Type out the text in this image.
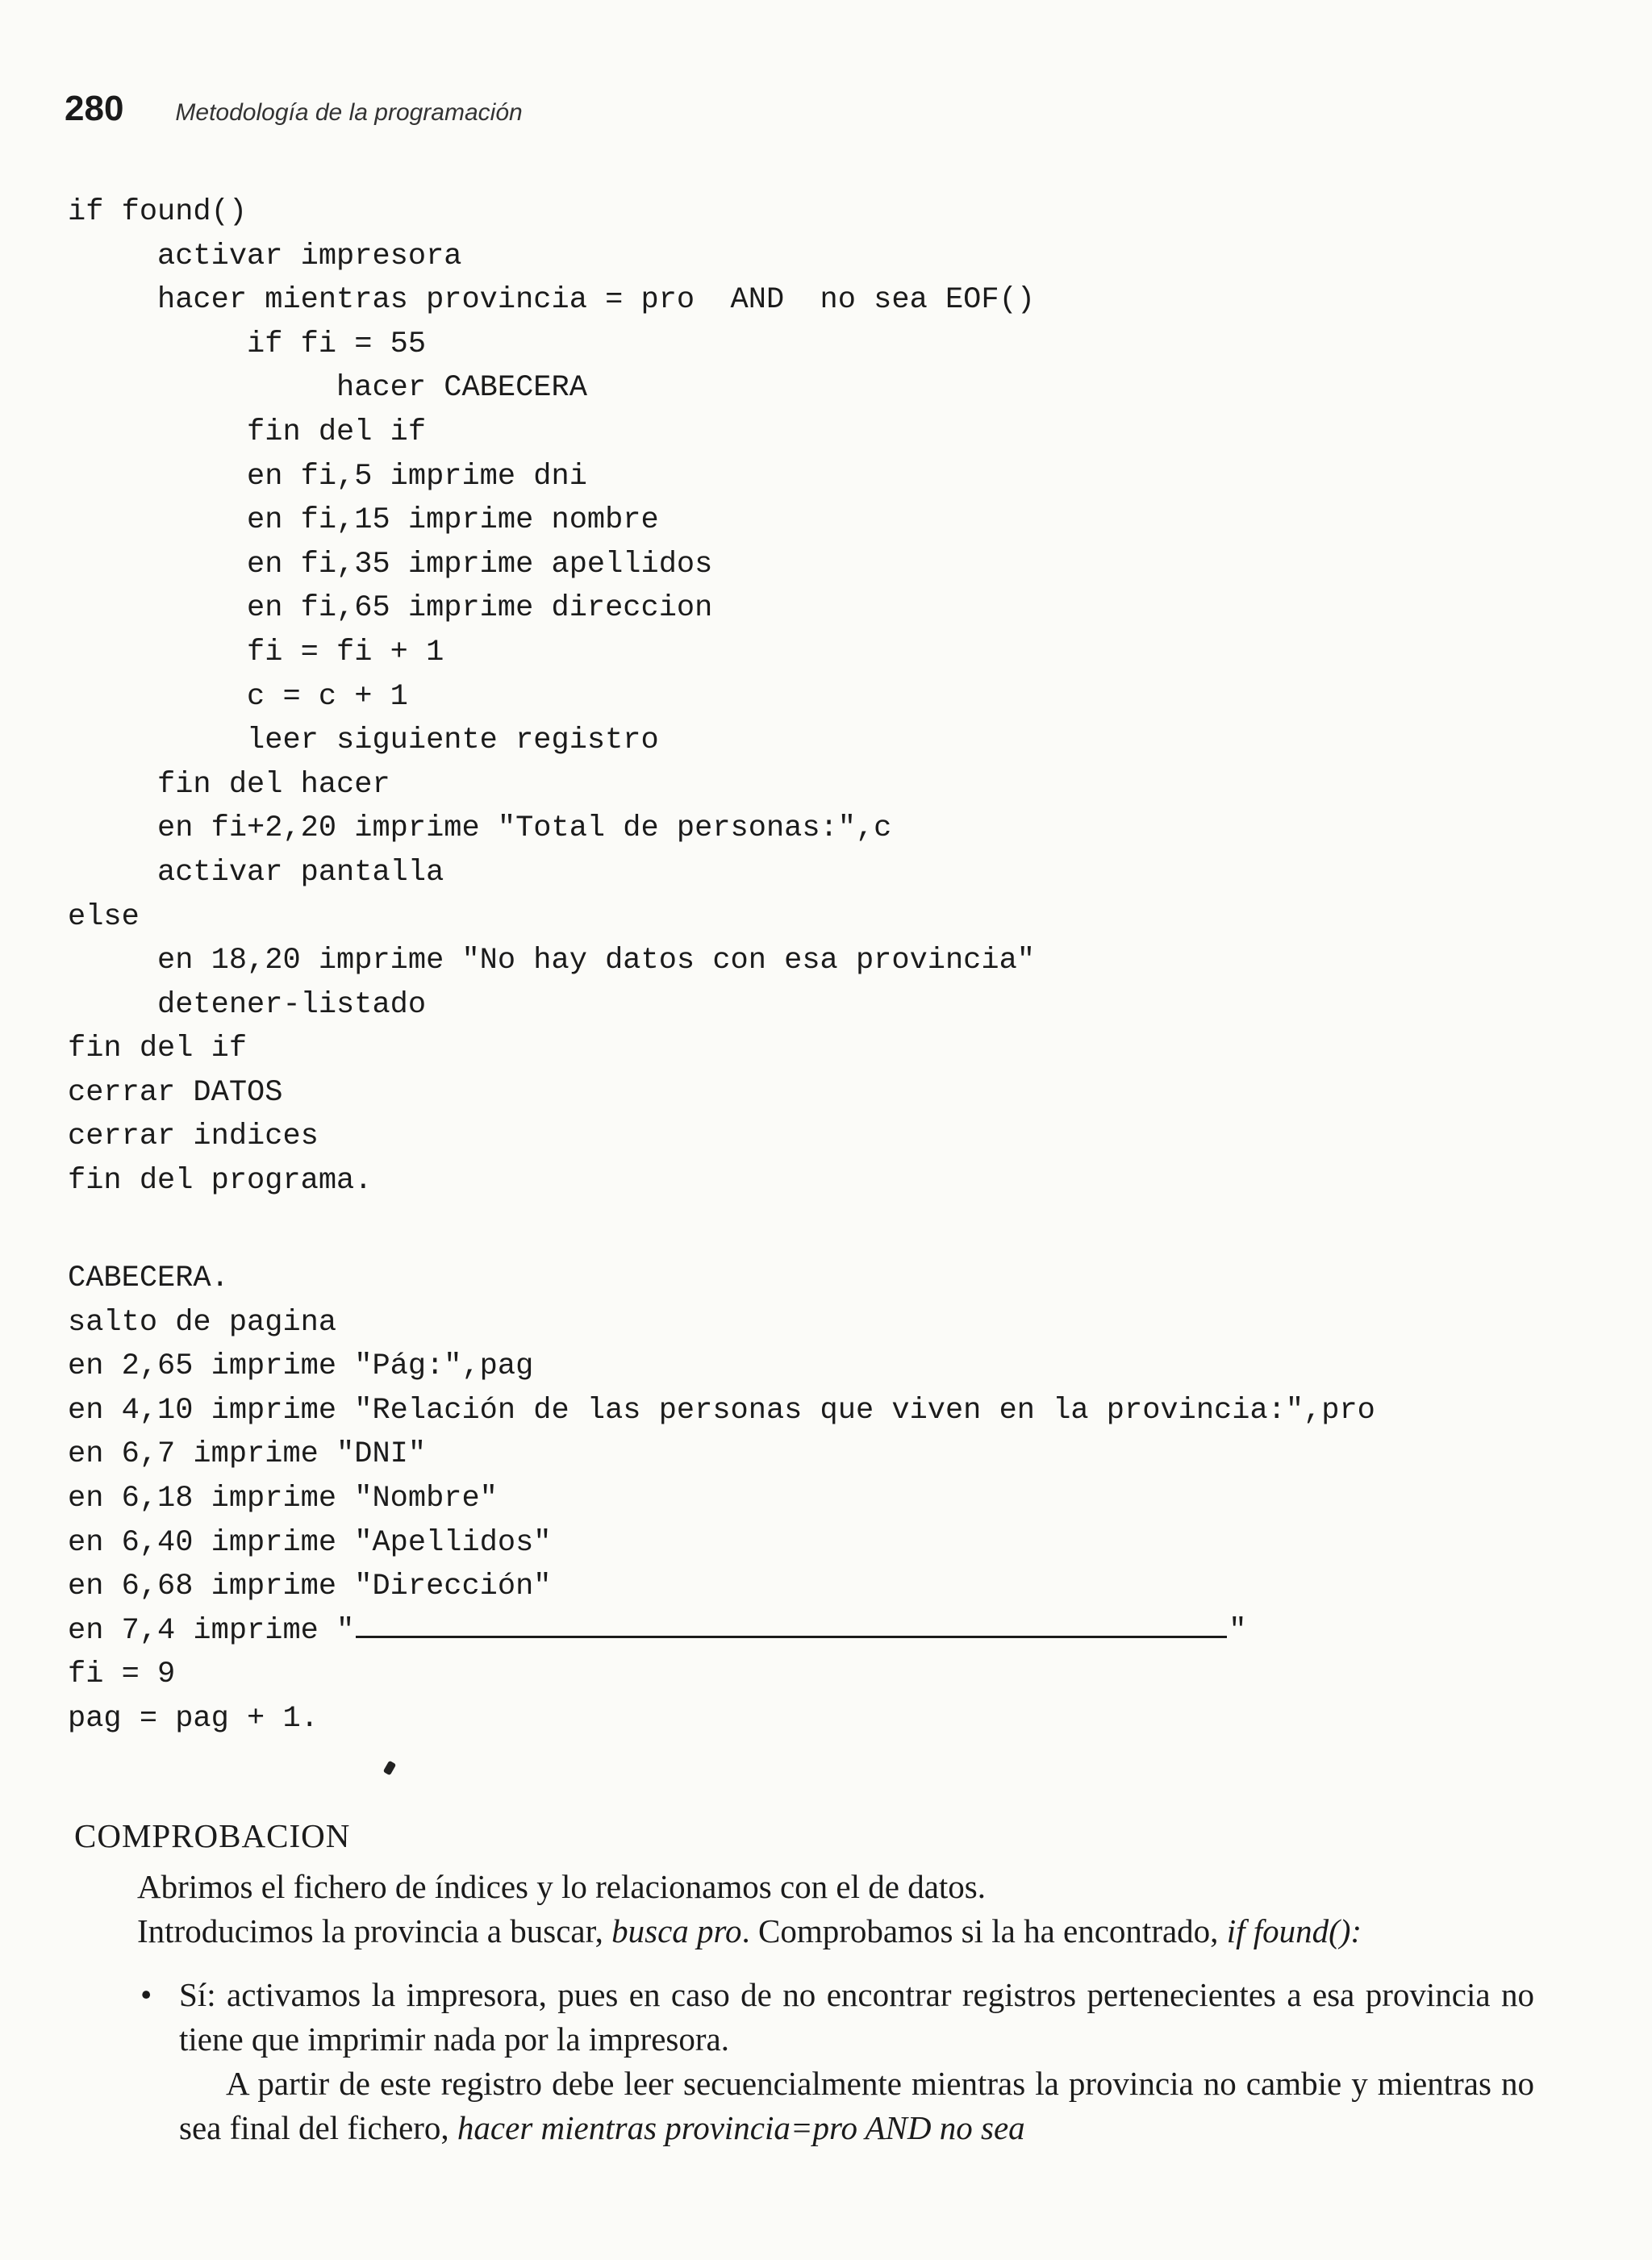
280 Metodología de la programación
if found()
activar impresora
hacer mientras provincia = pro  AND  no sea EOF()
if fi = 55
hacer CABECERA
fin del if
en fi,5 imprime dni
en fi,15 imprime nombre
en fi,35 imprime apellidos
en fi,65 imprime direccion
fi = fi + 1
c = c + 1
leer siguiente registro
fin del hacer
en fi+2,20 imprime "Total de personas:",c
activar pantalla
else
en 18,20 imprime "No hay datos con esa provincia"
detener-listado
fin del if
cerrar DATOS
cerrar indices
fin del programa.
CABECERA.
salto de pagina
en 2,65 imprime "Pág:",pag
en 4,10 imprime "Relación de las personas que viven en la provincia:",pro
en 6,7 imprime "DNI"
en 6,18 imprime "Nombre"
en 6,40 imprime "Apellidos"
en 6,68 imprime "Dirección"
en 7,4 imprime "	"
fi = 9
pag = pag + 1.
COMPROBACION

Abrimos el fichero de índices y lo relacionamos con el de datos.

Introducimos la provincia a buscar, busca pro. Comprobamos si la ha encontrado, if found():

• Sí: activamos la impresora, pues en caso de no encontrar registros pertenecientes a esa provincia no tiene que imprimir nada por la impresora.

A partir de este registro debe leer secuencialmente mientras la provincia no cambie y mientras no sea final del fichero, hacer mientras provincia=pro AND no sea
